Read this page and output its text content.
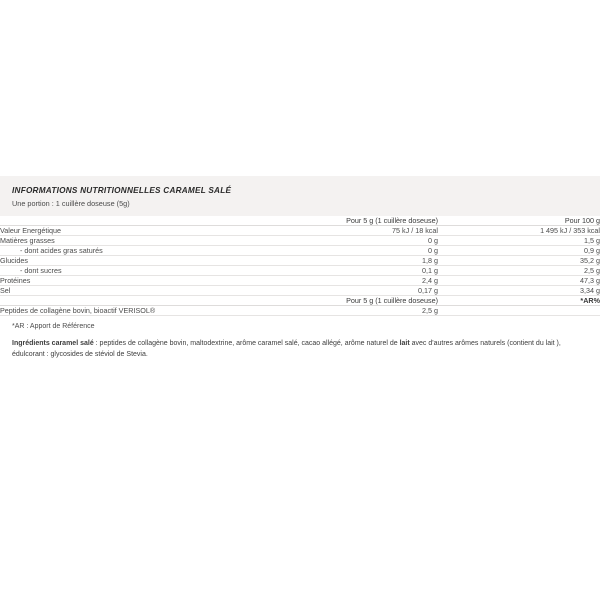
INFORMATIONS NUTRITIONNELLES CARAMEL SALÉ
Une portion : 1 cuillère doseuse (5g)
	Pour 5 g (1 cuillère doseuse)	Pour 100 g
Valeur Energétique	75 kJ / 18 kcal	1 495 kJ / 353 kcal
Matières grasses	0 g	1,5 g
- dont acides gras saturés	0 g	0,9 g
Glucides	1,8 g	35,2 g
- dont sucres	0,1 g	2,5 g
Protéines	2,4 g	47,3 g
Sel	0,17 g	3,34 g
	Pour 5 g (1 cuillère doseuse)	*AR%
Peptides de collagène bovin, bioactif VERISOL®	2,5 g	
*AR : Apport de Référence
Ingrédients caramel salé : peptides de collagène bovin, maltodextrine, arôme caramel salé, cacao allégé, arôme naturel de lait avec d'autres arômes naturels (contient du lait ), édulcorant : glycosides de stéviol de Stevia.
